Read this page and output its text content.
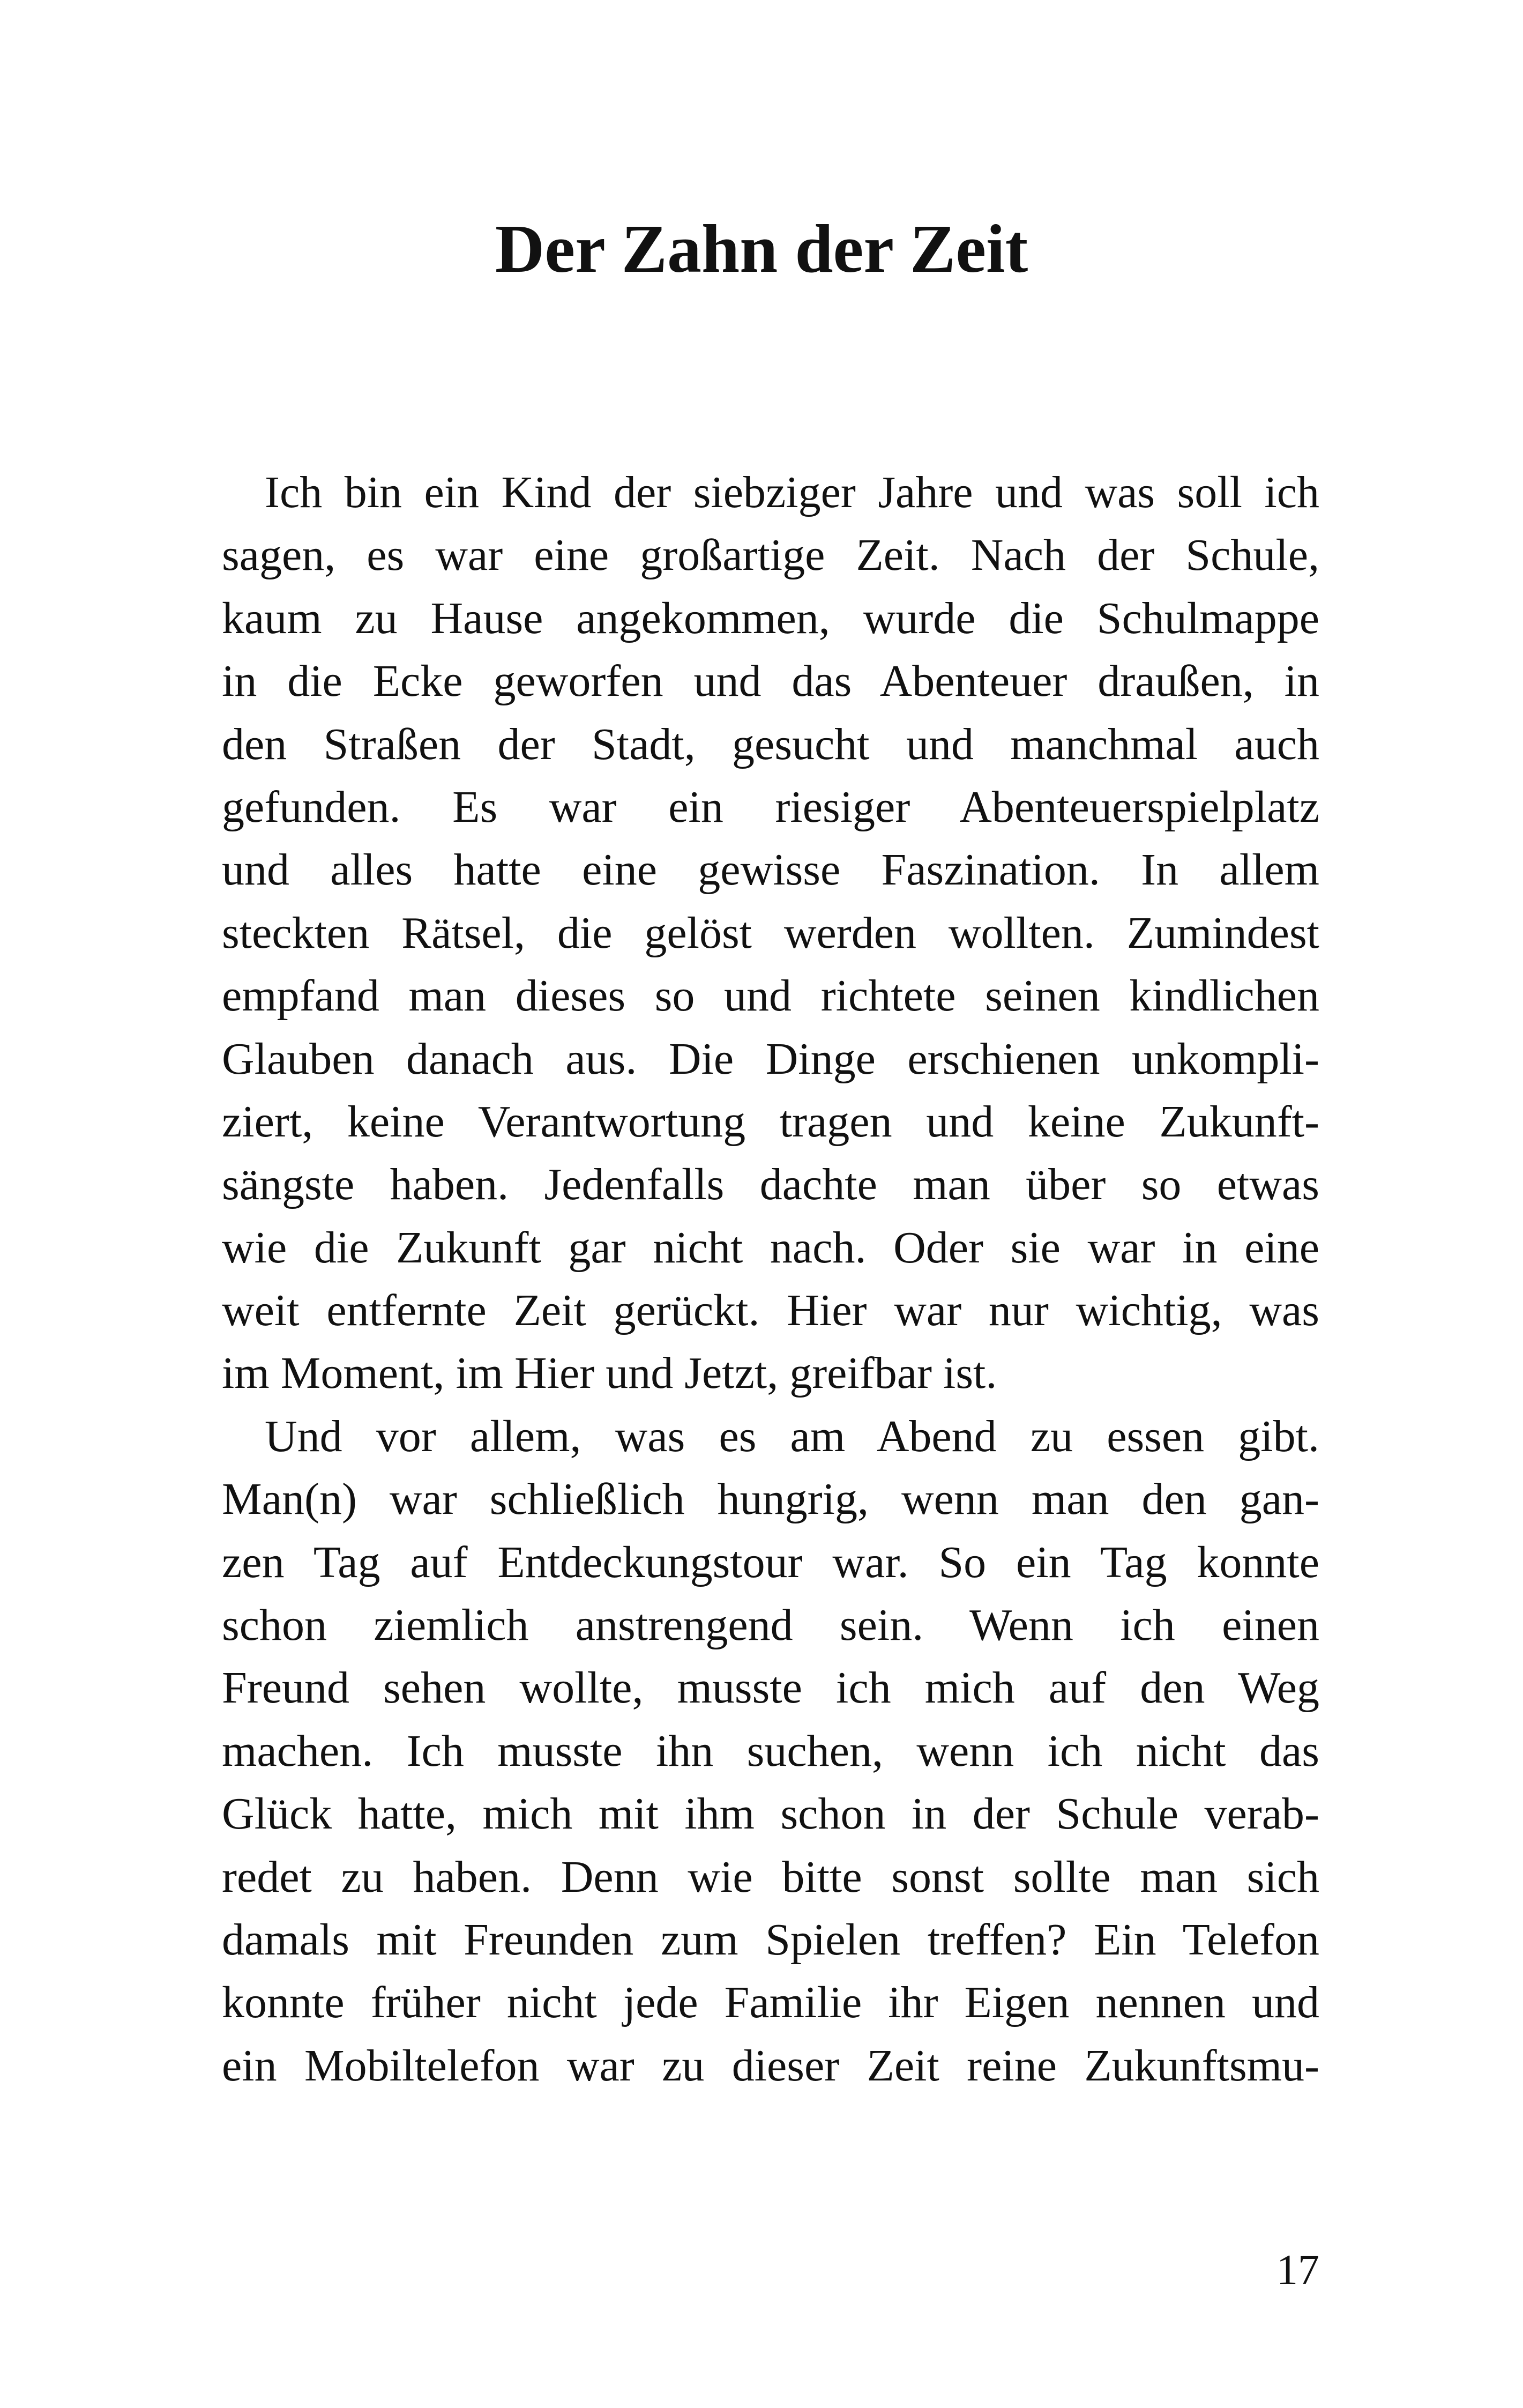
Der Zahn der Zeit
Ich bin ein Kind der siebziger Jahre und was soll ich
sagen, es war eine großartige Zeit. Nach der Schule,
kaum zu Hause angekommen, wurde die Schulmappe
in die Ecke geworfen und das Abenteuer draußen, in
den Straßen der Stadt, gesucht und manchmal auch
gefunden. Es war ein riesiger Abenteuerspielplatz
und alles hatte eine gewisse Faszination. In allem
steckten Rätsel, die gelöst werden wollten. Zumindest
empfand man dieses so und richtete seinen kindlichen
Glauben danach aus. Die Dinge erschienen unkompli-
ziert, keine Verantwortung tragen und keine Zukunft-
sängste haben. Jedenfalls dachte man über so etwas
wie die Zukunft gar nicht nach. Oder sie war in eine
weit entfernte Zeit gerückt. Hier war nur wichtig, was
im Moment, im Hier und Jetzt, greifbar ist.
Und vor allem, was es am Abend zu essen gibt.
Man(n) war schließlich hungrig, wenn man den gan-
zen Tag auf Entdeckungstour war. So ein Tag konnte
schon ziemlich anstrengend sein. Wenn ich einen
Freund sehen wollte, musste ich mich auf den Weg
machen. Ich musste ihn suchen, wenn ich nicht das
Glück hatte, mich mit ihm schon in der Schule verab-
redet zu haben. Denn wie bitte sonst sollte man sich
damals mit Freunden zum Spielen treffen? Ein Telefon
konnte früher nicht jede Familie ihr Eigen nennen und
ein Mobiltelefon war zu dieser Zeit reine Zukunftsmu-
17
